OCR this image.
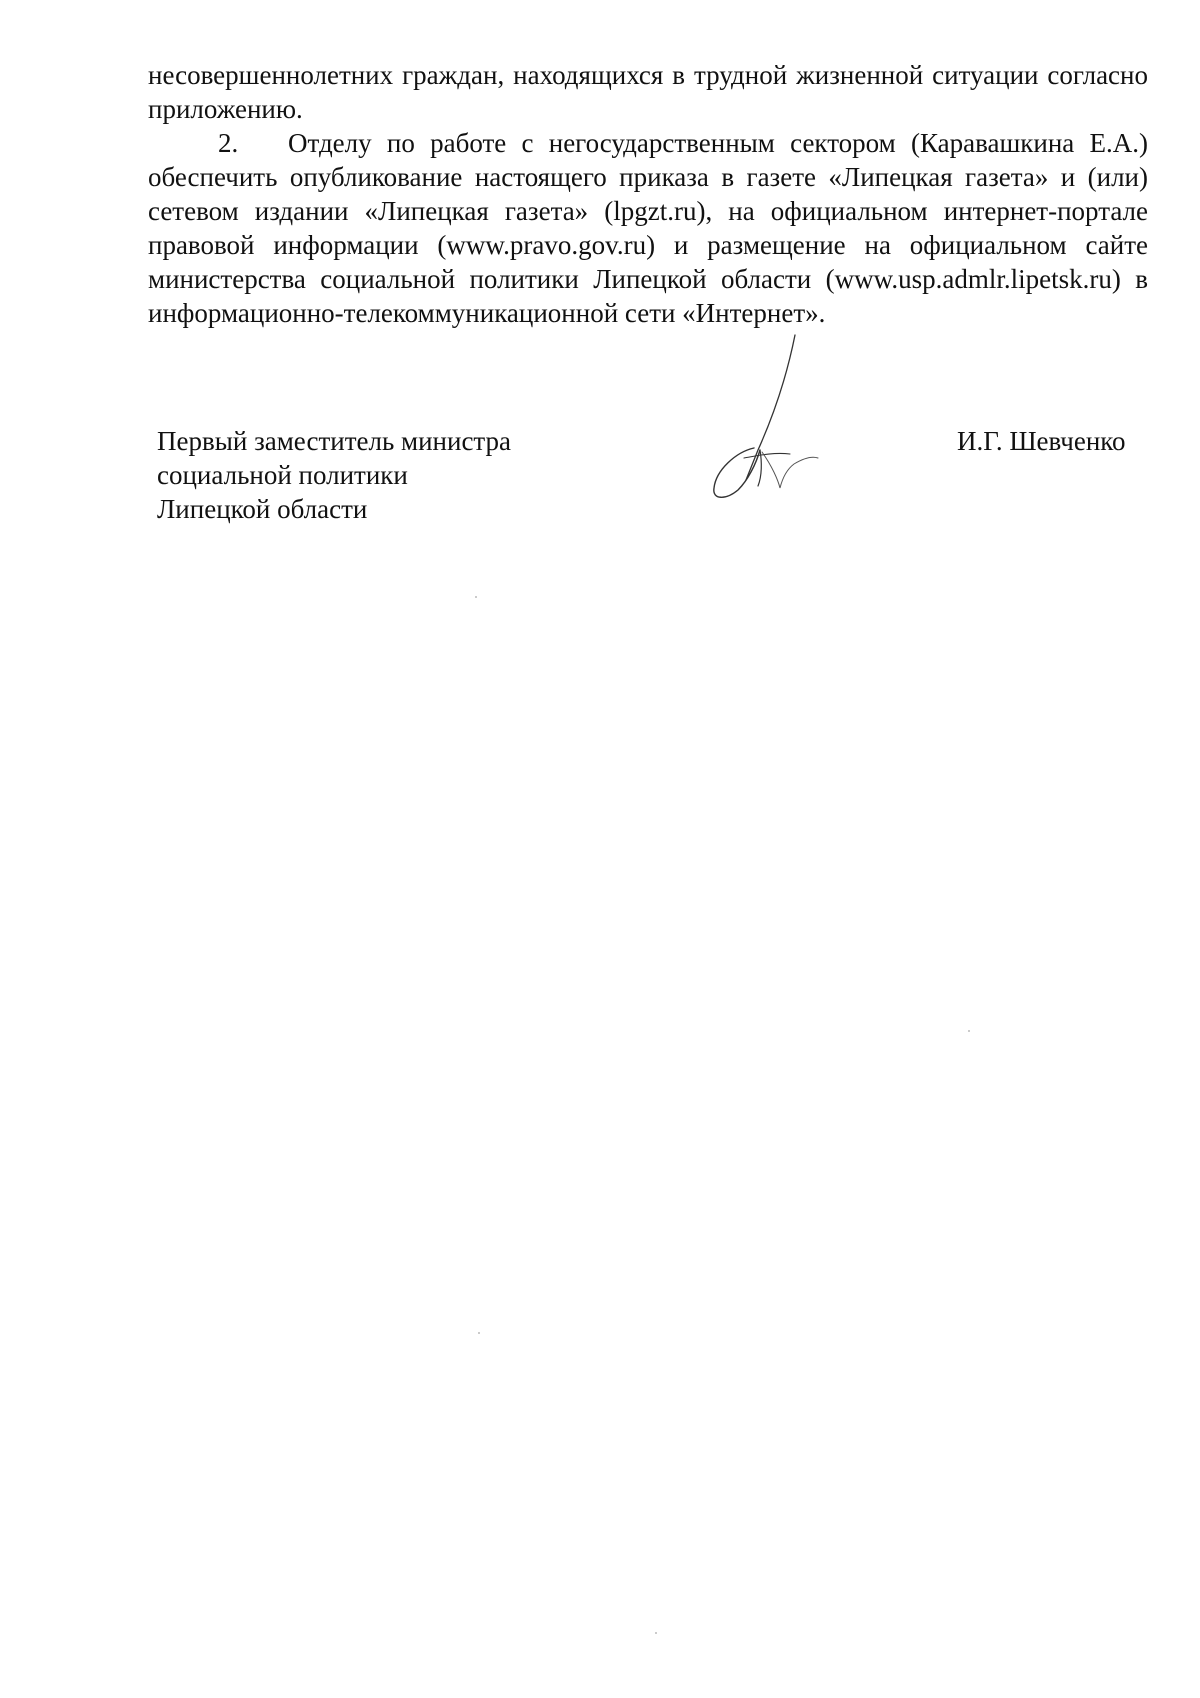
несовершеннолетних граждан, находящихся в трудной жизненной ситуации согласно приложению.

2. Отделу по работе с негосударственным сектором (Каравашкина Е.А.) обеспечить опубликование настоящего приказа в газете «Липецкая газета» и (или) сетевом издании «Липецкая газета» (lpgzt.ru), на официальном интернет-портале правовой информации (www.pravo.gov.ru) и размещение на официальном сайте министерства социальной политики Липецкой области (www.usp.admlr.lipetsk.ru) в информационно-телекоммуникационной сети «Интернет».

Первый заместитель министра
социальной политики
Липецкой области
И.Г. Шевченко
